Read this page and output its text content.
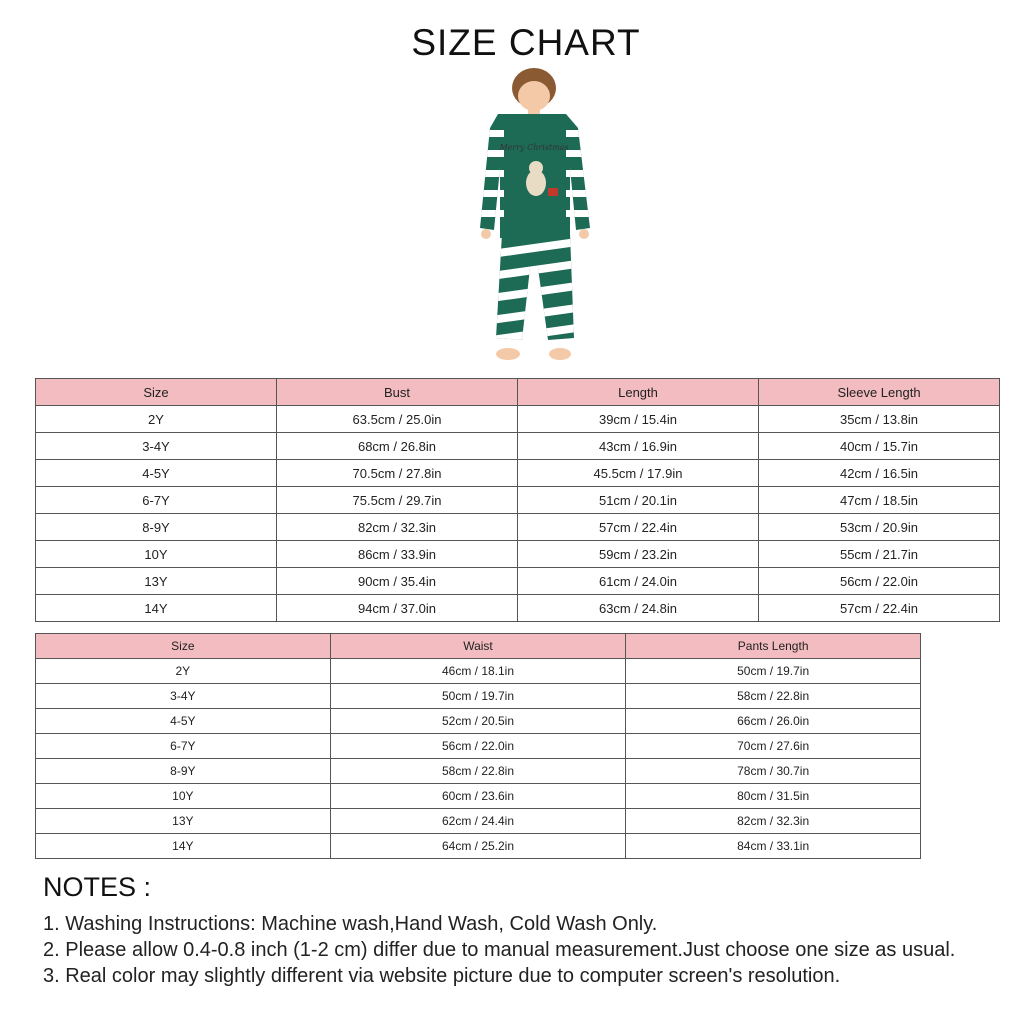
SIZE CHART
Merry Christmas
Size	Bust	Length	Sleeve Length
2Y	63.5cm / 25.0in	39cm / 15.4in	35cm / 13.8in
3-4Y	68cm / 26.8in	43cm / 16.9in	40cm / 15.7in
4-5Y	70.5cm / 27.8in	45.5cm / 17.9in	42cm / 16.5in
6-7Y	75.5cm / 29.7in	51cm / 20.1in	47cm / 18.5in
8-9Y	82cm / 32.3in	57cm / 22.4in	53cm / 20.9in
10Y	86cm / 33.9in	59cm / 23.2in	55cm / 21.7in
13Y	90cm / 35.4in	61cm / 24.0in	56cm / 22.0in
14Y	94cm / 37.0in	63cm / 24.8in	57cm / 22.4in
Size	Waist	Pants Length
2Y	46cm / 18.1in	50cm / 19.7in
3-4Y	50cm / 19.7in	58cm / 22.8in
4-5Y	52cm / 20.5in	66cm / 26.0in
6-7Y	56cm / 22.0in	70cm / 27.6in
8-9Y	58cm / 22.8in	78cm / 30.7in
10Y	60cm / 23.6in	80cm / 31.5in
13Y	62cm / 24.4in	82cm / 32.3in
14Y	64cm / 25.2in	84cm / 33.1in
NOTES :
1. Washing Instructions: Machine wash,Hand Wash, Cold Wash Only.
2. Please allow 0.4-0.8 inch (1-2 cm) differ due to manual measurement.Just choose one size as usual.
3. Real color may slightly different via website picture due to computer screen's resolution.
